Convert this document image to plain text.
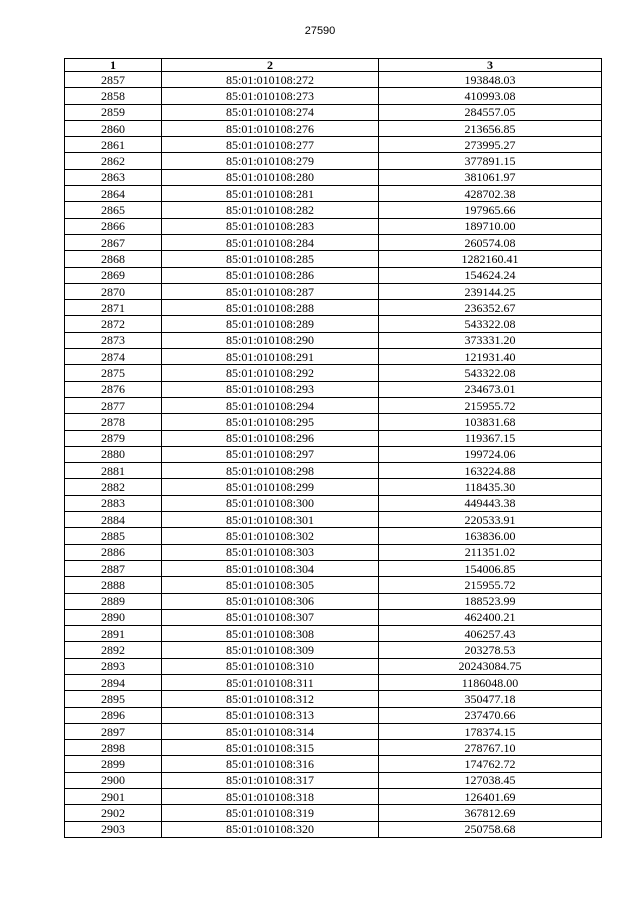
27590
1	2	3
2857	85:01:010108:272	193848.03
2858	85:01:010108:273	410993.08
2859	85:01:010108:274	284557.05
2860	85:01:010108:276	213656.85
2861	85:01:010108:277	273995.27
2862	85:01:010108:279	377891.15
2863	85:01:010108:280	381061.97
2864	85:01:010108:281	428702.38
2865	85:01:010108:282	197965.66
2866	85:01:010108:283	189710.00
2867	85:01:010108:284	260574.08
2868	85:01:010108:285	1282160.41
2869	85:01:010108:286	154624.24
2870	85:01:010108:287	239144.25
2871	85:01:010108:288	236352.67
2872	85:01:010108:289	543322.08
2873	85:01:010108:290	373331.20
2874	85:01:010108:291	121931.40
2875	85:01:010108:292	543322.08
2876	85:01:010108:293	234673.01
2877	85:01:010108:294	215955.72
2878	85:01:010108:295	103831.68
2879	85:01:010108:296	119367.15
2880	85:01:010108:297	199724.06
2881	85:01:010108:298	163224.88
2882	85:01:010108:299	118435.30
2883	85:01:010108:300	449443.38
2884	85:01:010108:301	220533.91
2885	85:01:010108:302	163836.00
2886	85:01:010108:303	211351.02
2887	85:01:010108:304	154006.85
2888	85:01:010108:305	215955.72
2889	85:01:010108:306	188523.99
2890	85:01:010108:307	462400.21
2891	85:01:010108:308	406257.43
2892	85:01:010108:309	203278.53
2893	85:01:010108:310	20243084.75
2894	85:01:010108:311	1186048.00
2895	85:01:010108:312	350477.18
2896	85:01:010108:313	237470.66
2897	85:01:010108:314	178374.15
2898	85:01:010108:315	278767.10
2899	85:01:010108:316	174762.72
2900	85:01:010108:317	127038.45
2901	85:01:010108:318	126401.69
2902	85:01:010108:319	367812.69
2903	85:01:010108:320	250758.68
